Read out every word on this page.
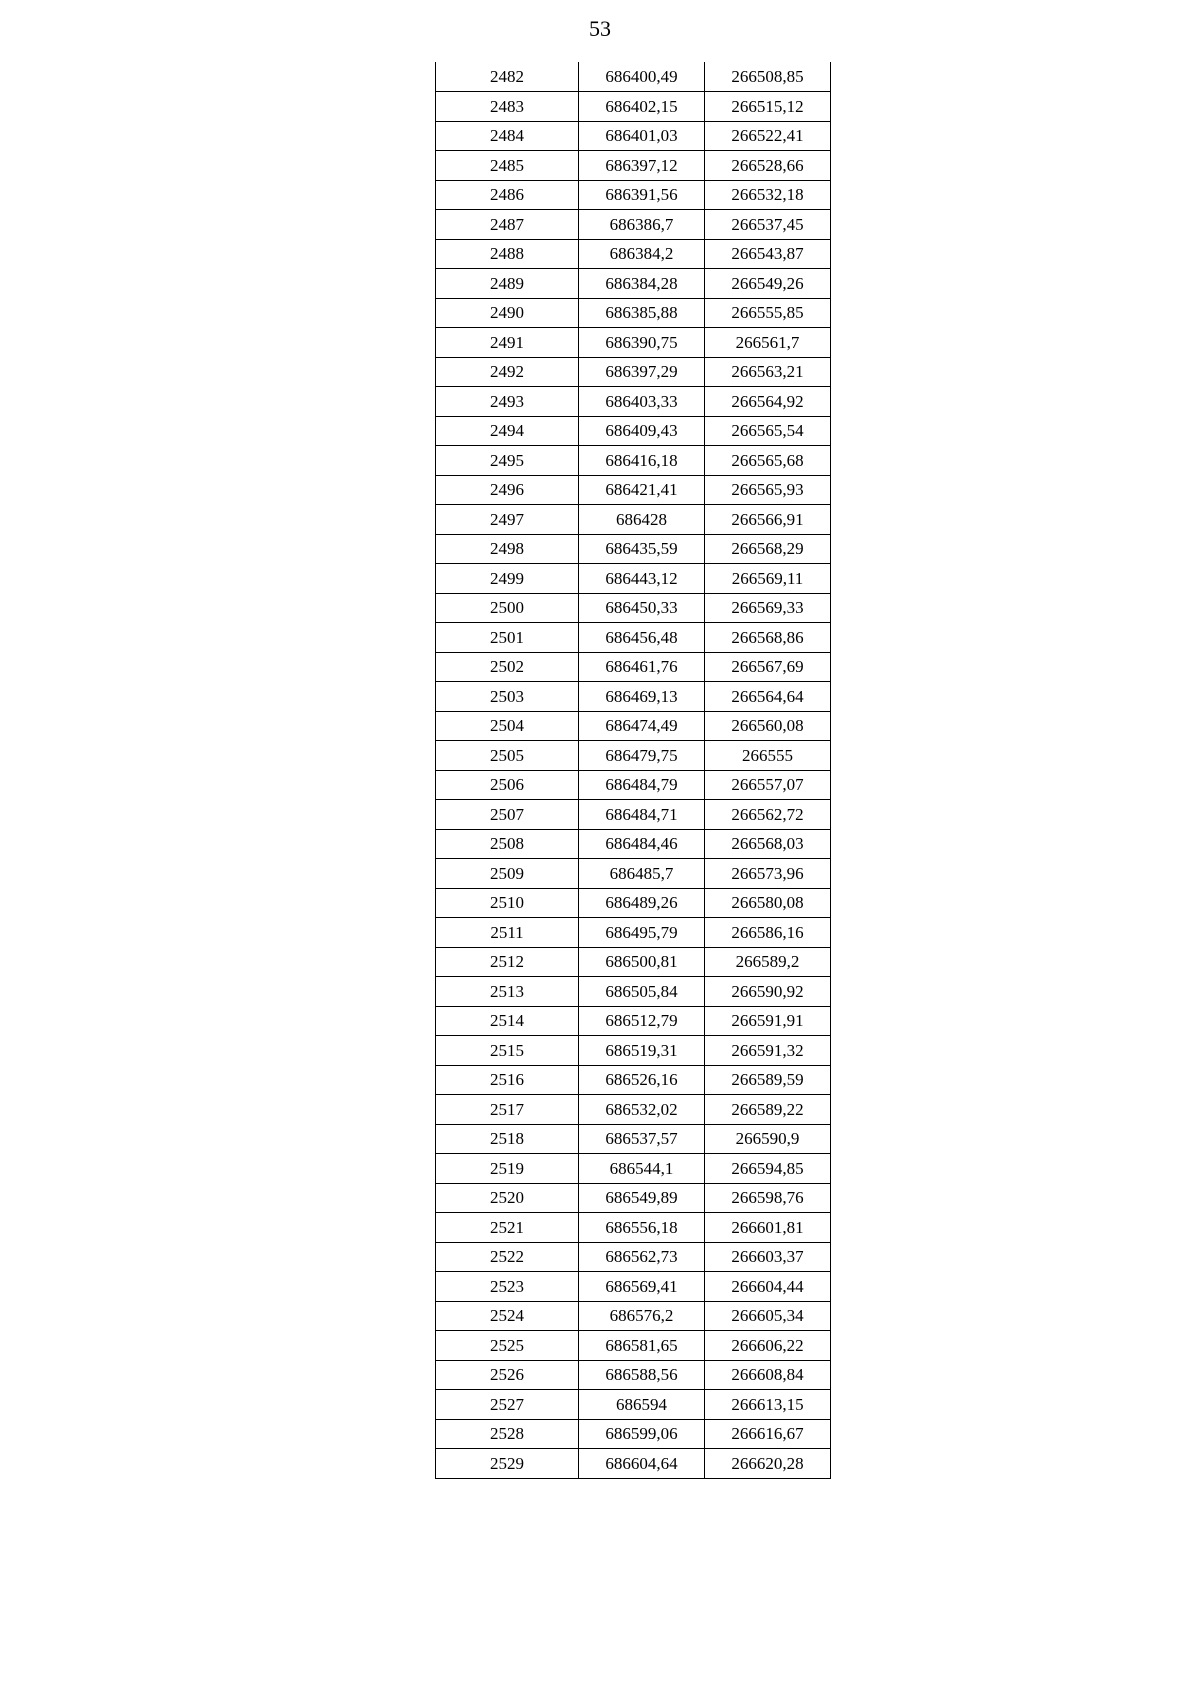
53
2482	686400,49	266508,85
2483	686402,15	266515,12
2484	686401,03	266522,41
2485	686397,12	266528,66
2486	686391,56	266532,18
2487	686386,7	266537,45
2488	686384,2	266543,87
2489	686384,28	266549,26
2490	686385,88	266555,85
2491	686390,75	266561,7
2492	686397,29	266563,21
2493	686403,33	266564,92
2494	686409,43	266565,54
2495	686416,18	266565,68
2496	686421,41	266565,93
2497	686428	266566,91
2498	686435,59	266568,29
2499	686443,12	266569,11
2500	686450,33	266569,33
2501	686456,48	266568,86
2502	686461,76	266567,69
2503	686469,13	266564,64
2504	686474,49	266560,08
2505	686479,75	266555
2506	686484,79	266557,07
2507	686484,71	266562,72
2508	686484,46	266568,03
2509	686485,7	266573,96
2510	686489,26	266580,08
2511	686495,79	266586,16
2512	686500,81	266589,2
2513	686505,84	266590,92
2514	686512,79	266591,91
2515	686519,31	266591,32
2516	686526,16	266589,59
2517	686532,02	266589,22
2518	686537,57	266590,9
2519	686544,1	266594,85
2520	686549,89	266598,76
2521	686556,18	266601,81
2522	686562,73	266603,37
2523	686569,41	266604,44
2524	686576,2	266605,34
2525	686581,65	266606,22
2526	686588,56	266608,84
2527	686594	266613,15
2528	686599,06	266616,67
2529	686604,64	266620,28
